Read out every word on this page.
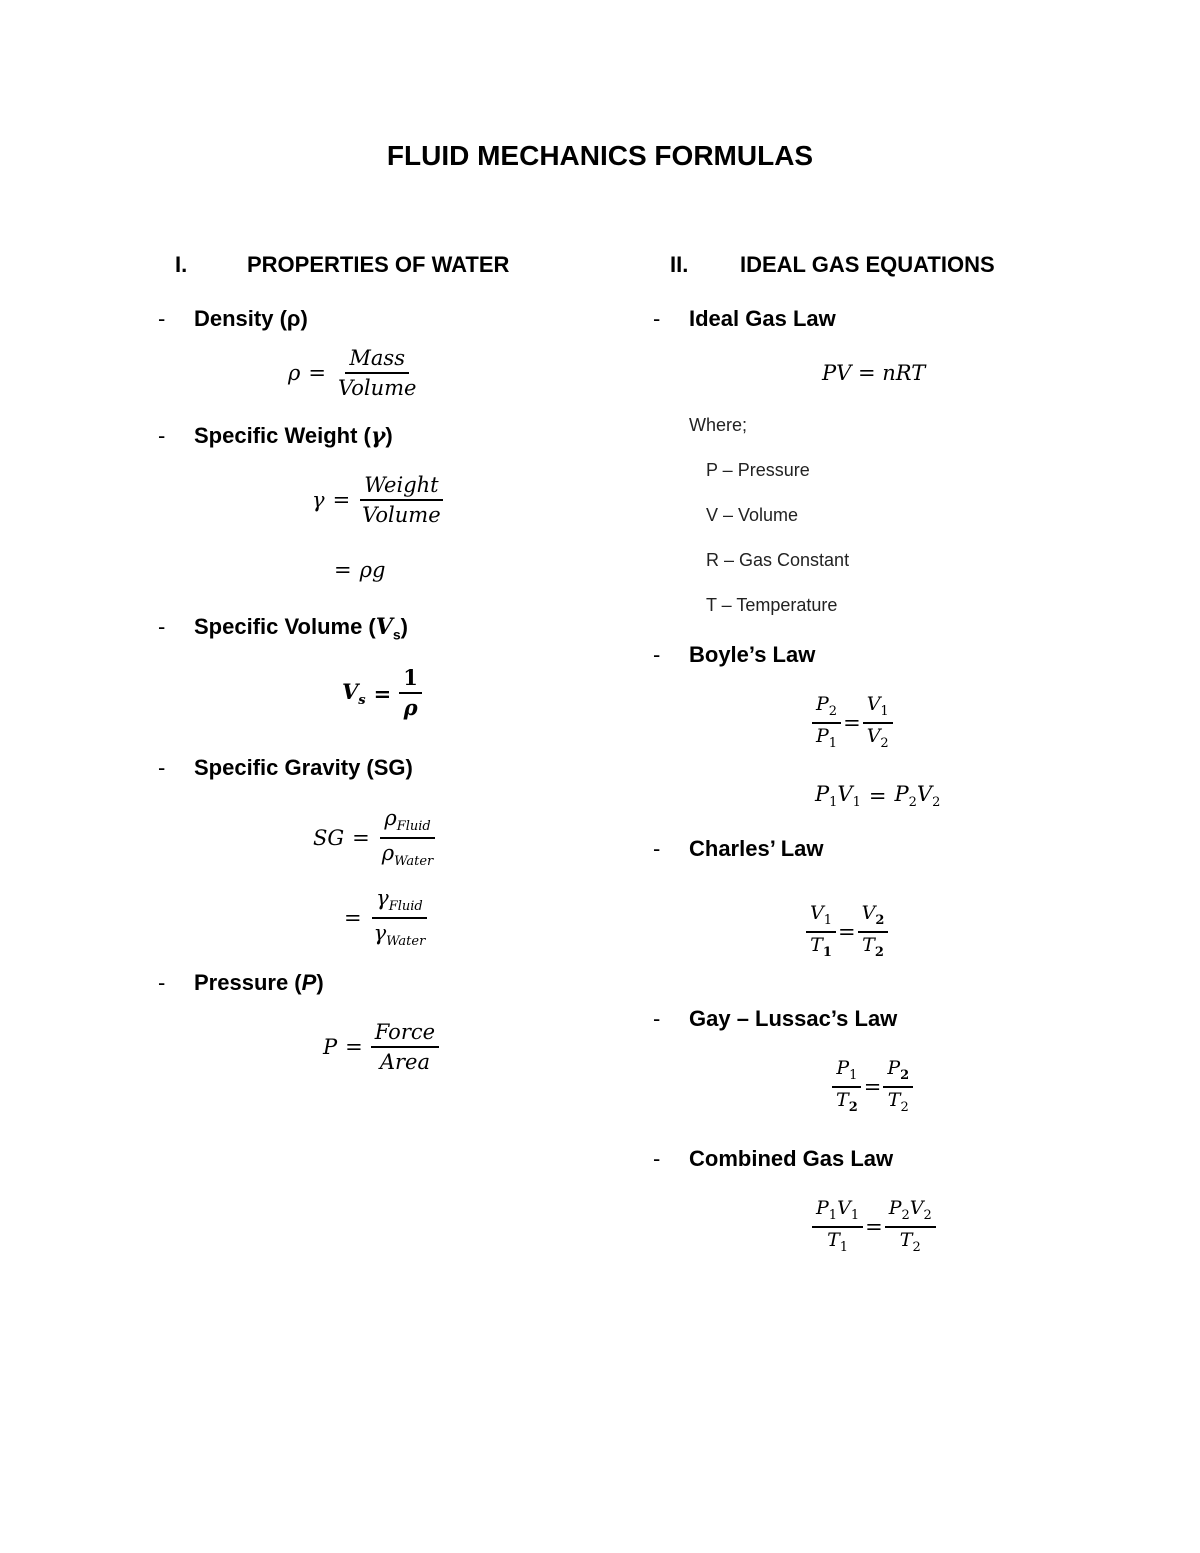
FLUID MECHANICS FORMULAS
I.	PROPERTIES OF WATER
- Density (ρ)
$\rho = \frac{\text{Mass}}{\text{Volume}}$
- Specific Weight (γ)
$\gamma = \frac{\text{Weight}}{\text{Volume}}$
= ρg
- Specific Volume $(V_s)$
$V_s = \frac{1}{\rho}$
- Specific Gravity (SG)
SG = $\frac{\rho_{Fluid}}{\rho_{Water}}$
= $\frac{\gamma_{Fluid}}{\gamma_{Water}}$
- Pressure (P)
$P = \frac{\text{Force}}{\text{Area}}$
II. IDEAL GAS EQUATIONS
- Ideal Gas Law
PV = nRT
Where;
P – Pressure
V – Volume
R – Gas Constant
T – Temperature
- Boyle’s Law
$\frac{P_2}{P_1} = \frac{V_1}{V_2}$
$P_1V_1 = P_2V_2$
- Charles’ Law
$\frac{V_1}{T_1} = \frac{V_2}{T_2}$
- Gay – Lussac’s Law
$\frac{P_1}{T_2} = \frac{P_2}{T_2}$
- Combined Gas Law
$\frac{P_1V_1}{T_1} = \frac{P_2V_2}{T_2}$
